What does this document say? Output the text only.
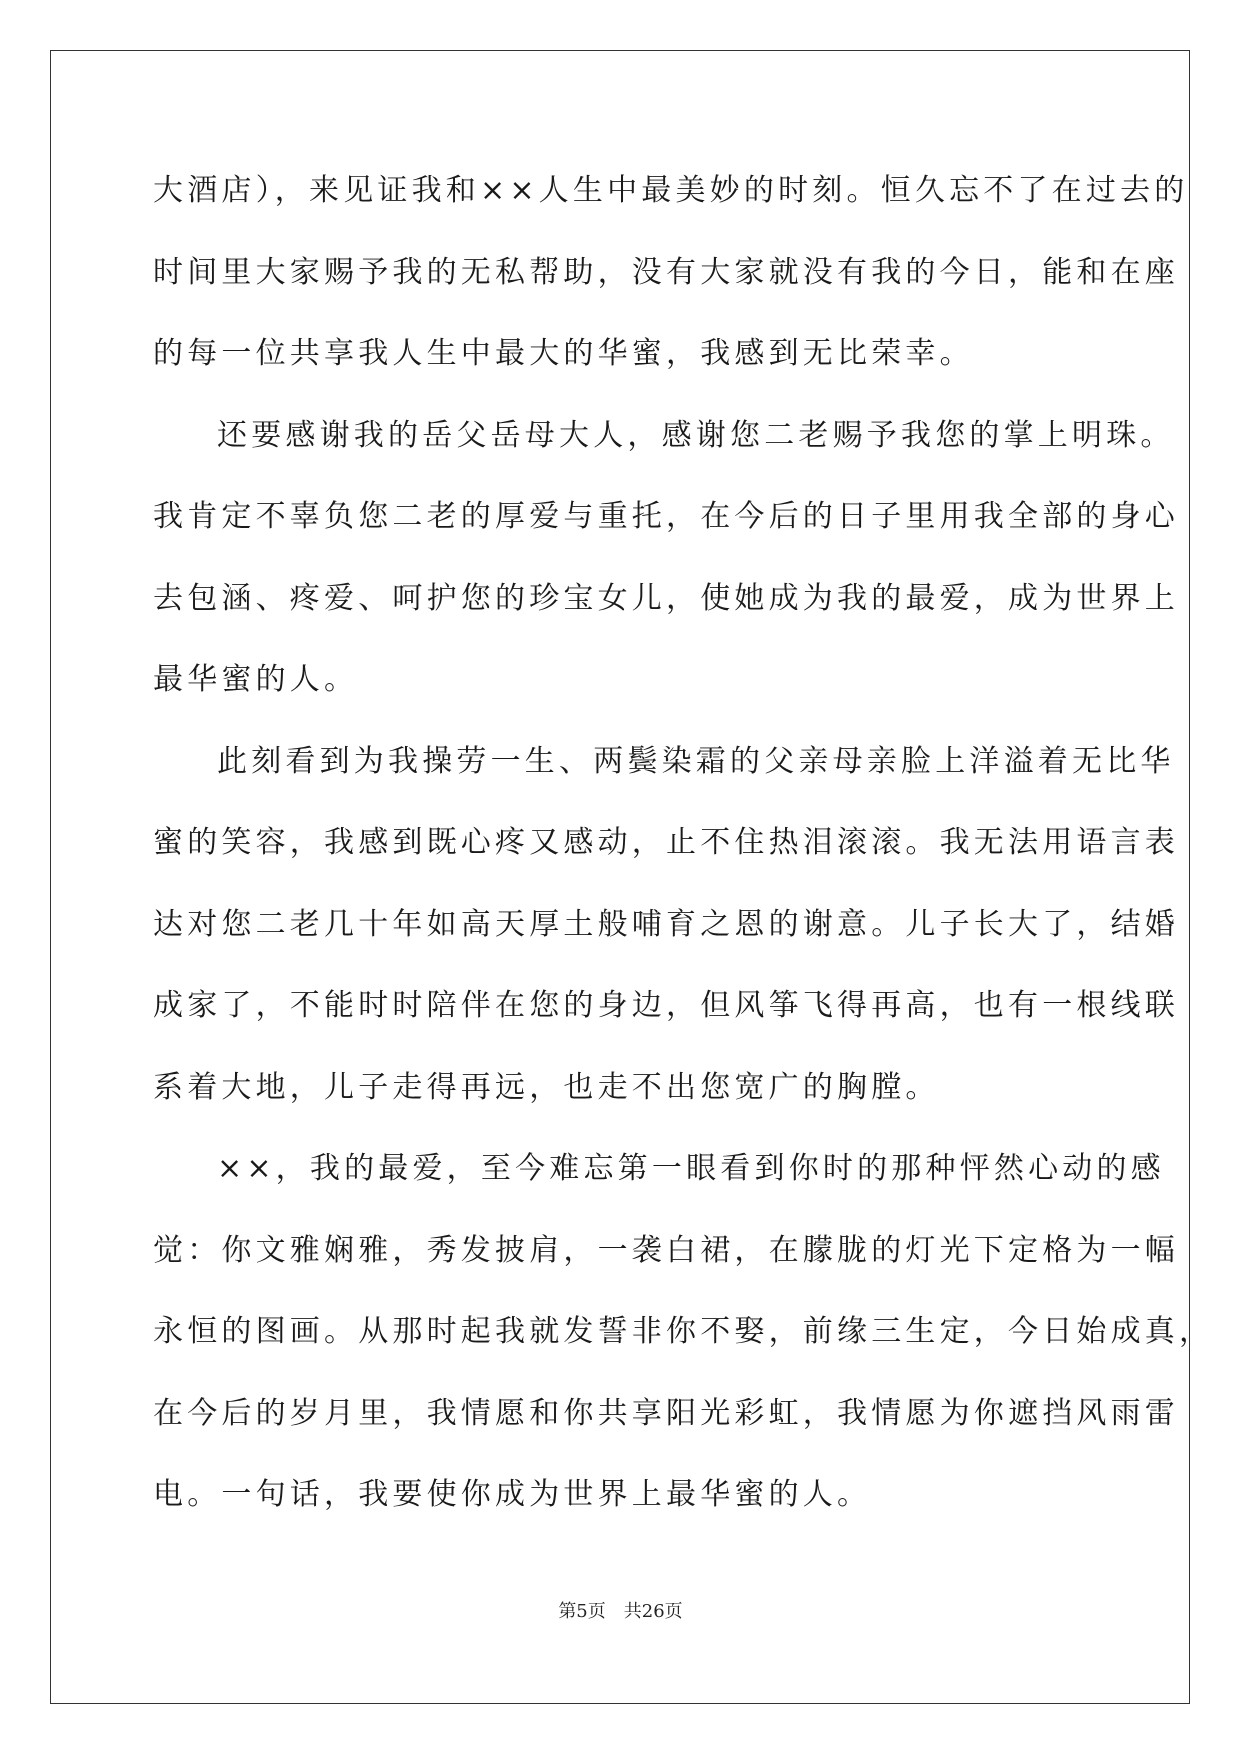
大酒店），来见证我和××人生中最美妙的时刻。恒久忘不了在过去的
时间里大家赐予我的无私帮助，没有大家就没有我的今日，能和在座
的每一位共享我人生中最大的华蜜，我感到无比荣幸。
还要感谢我的岳父岳母大人，感谢您二老赐予我您的掌上明珠。
我肯定不辜负您二老的厚爱与重托，在今后的日子里用我全部的身心
去包涵、疼爱、呵护您的珍宝女儿，使她成为我的最爱，成为世界上
最华蜜的人。
此刻看到为我操劳一生、两鬓染霜的父亲母亲脸上洋溢着无比华
蜜的笑容，我感到既心疼又感动，止不住热泪滚滚。我无法用语言表
达对您二老几十年如高天厚土般哺育之恩的谢意。儿子长大了，结婚
成家了，不能时时陪伴在您的身边，但风筝飞得再高，也有一根线联
系着大地，儿子走得再远，也走不出您宽广的胸膛。
××，我的最爱，至今难忘第一眼看到你时的那种怦然心动的感
觉：你文雅娴雅，秀发披肩，一袭白裙，在朦胧的灯光下定格为一幅
永恒的图画。从那时起我就发誓非你不娶，前缘三生定，今日始成真，
在今后的岁月里，我情愿和你共享阳光彩虹，我情愿为你遮挡风雨雷
电。一句话，我要使你成为世界上最华蜜的人。
第5页　共26页
